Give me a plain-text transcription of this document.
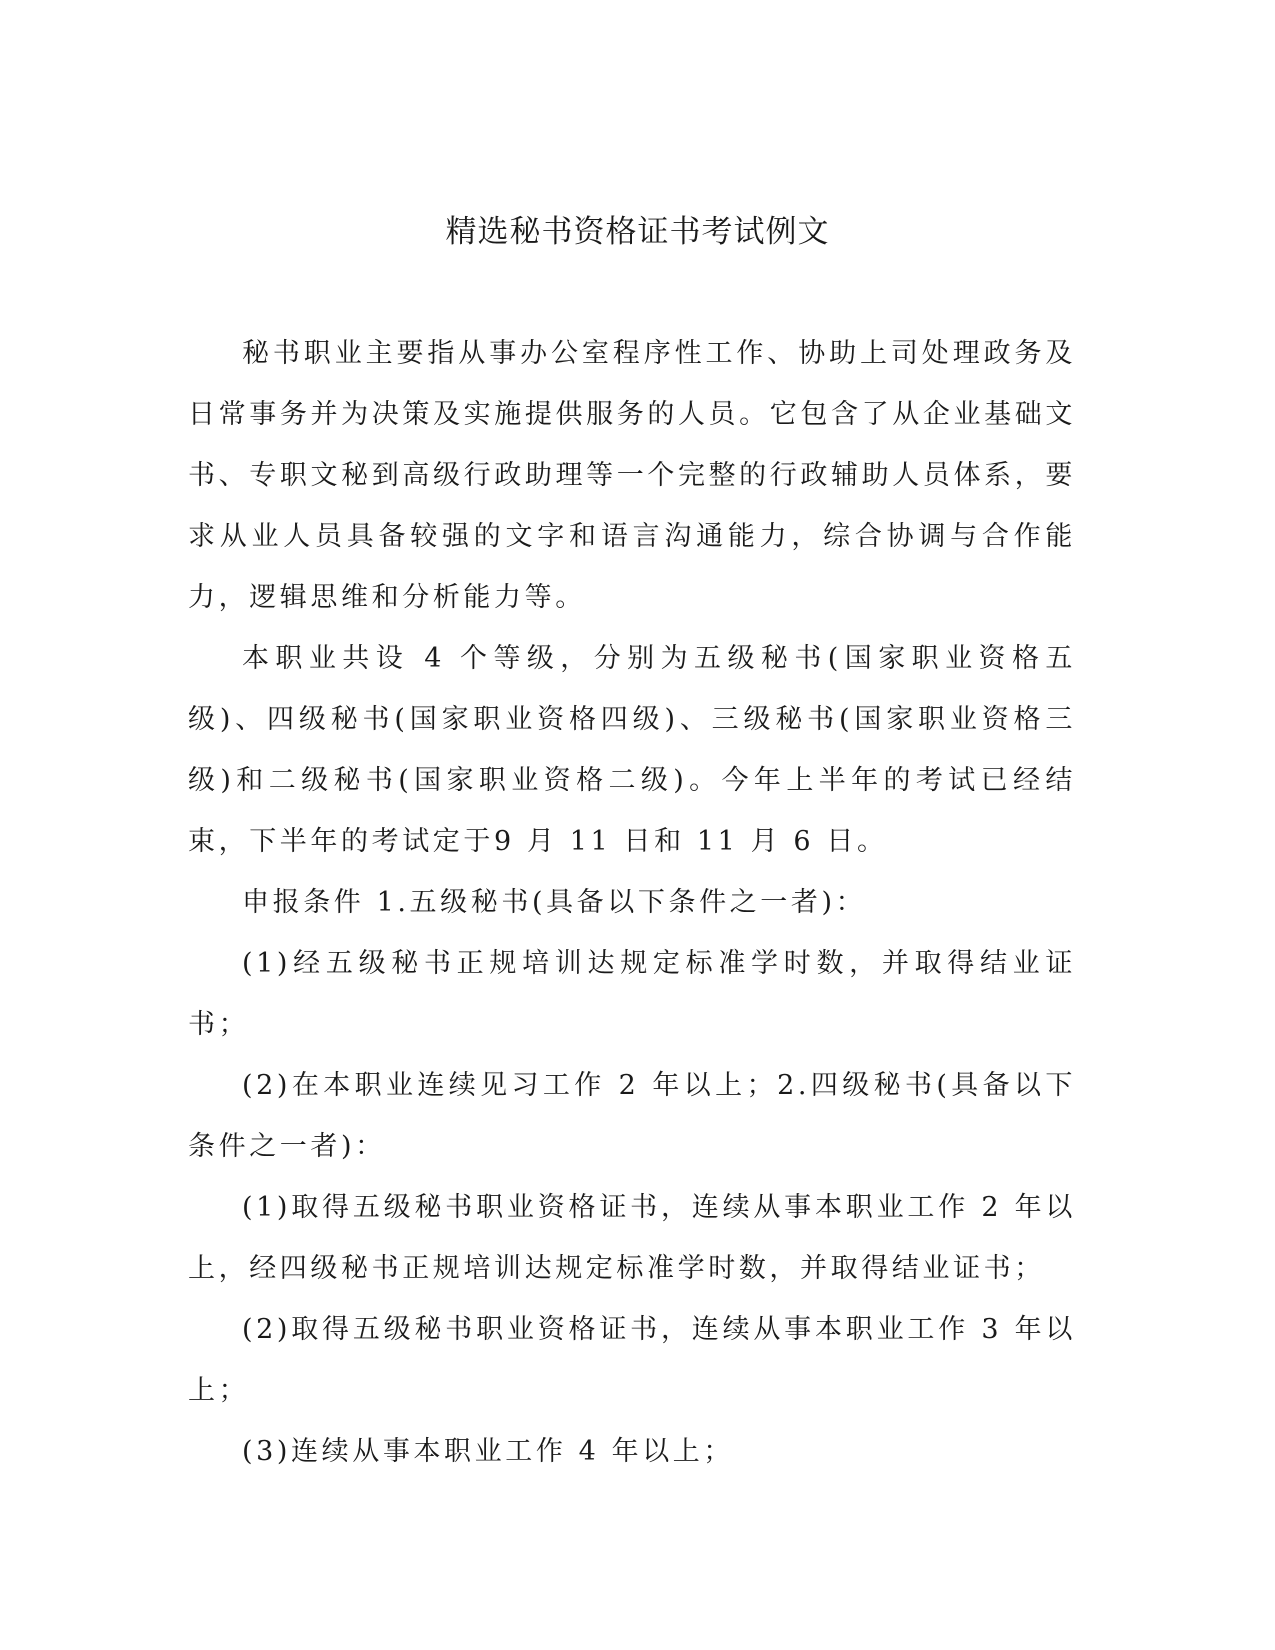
精选秘书资格证书考试例文

秘书职业主要指从事办公室程序性工作、协助上司处理政务及日常事务并为决策及实施提供服务的人员。它包含了从企业基础文书、专职文秘到高级行政助理等一个完整的行政辅助人员体系，要求从业人员具备较强的文字和语言沟通能力，综合协调与合作能力，逻辑思维和分析能力等。

本职业共设 4 个等级，分别为五级秘书(国家职业资格五级)、四级秘书(国家职业资格四级)、三级秘书(国家职业资格三级)和二级秘书(国家职业资格二级)。今年上半年的考试已经结束，下半年的考试定于9 月 11 日和 11 月 6 日。

申报条件 1.五级秘书(具备以下条件之一者)：

(1)经五级秘书正规培训达规定标准学时数，并取得结业证书；

(2)在本职业连续见习工作 2 年以上；2.四级秘书(具备以下条件之一者)：

(1)取得五级秘书职业资格证书，连续从事本职业工作 2 年以上，经四级秘书正规培训达规定标准学时数，并取得结业证书；

(2)取得五级秘书职业资格证书，连续从事本职业工作 3 年以上；

(3)连续从事本职业工作 4 年以上；
